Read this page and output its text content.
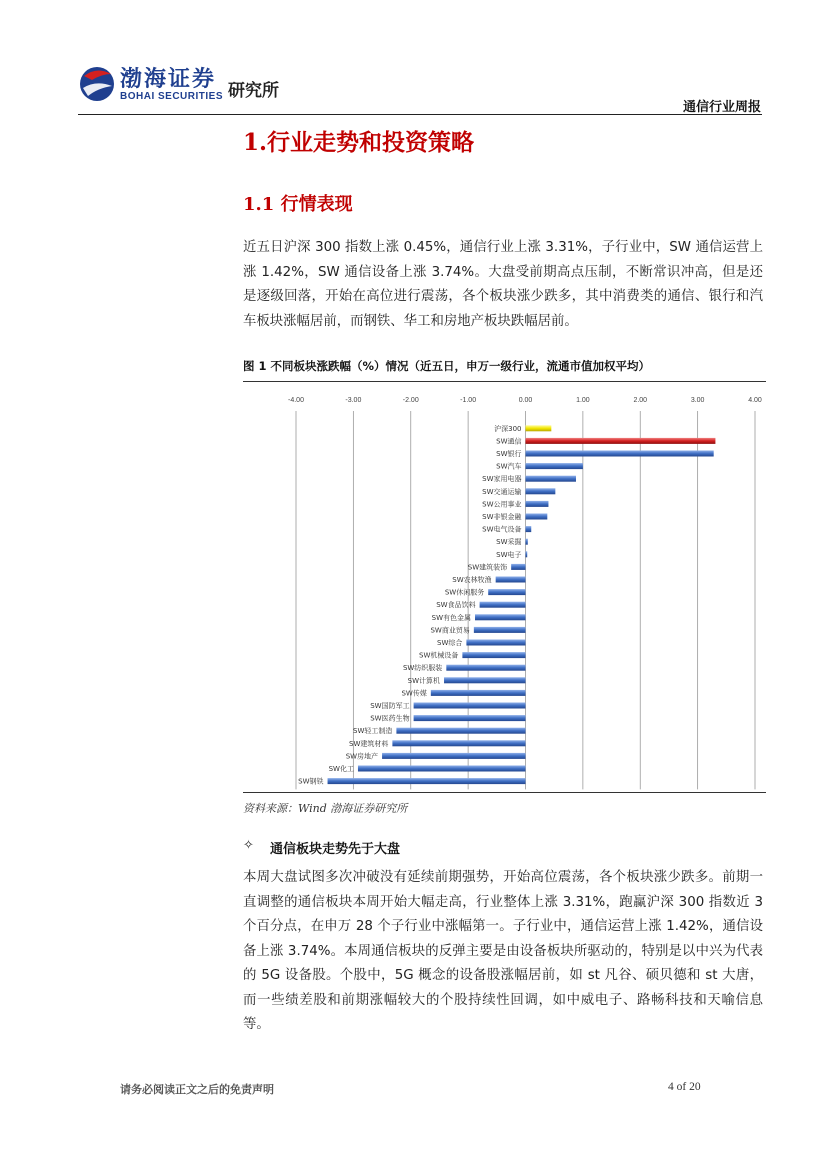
渤海证券
BOHAI SECURITIES 研究所
通信行业周报
1.行业走势和投资策略
1.1 行情表现
近五日沪深 300 指数上涨 0.45%，通信行业上涨 3.31%，子行业中，SW 通信运营上涨 1.42%，SW 通信设备上涨 3.74%。大盘受前期高点压制，不断常识冲高，但是还是逐级回落，开始在高位进行震荡，各个板块涨少跌多，其中消费类的通信、银行和汽车板块涨幅居前，而钢铁、华工和房地产板块跌幅居前。
图 1 不同板块涨跌幅（%）情况（近五日，申万一级行业，流通市值加权平均）
-4.00	-3.00	-2.00	-1.00	0.00	1.00	2.00	3.00	4.00
沪深300
SW通信
SW银行
SW汽车
SW家用电器
SW交通运输
SW公用事业
SW非银金融
SW电气设备
SW采掘
SW电子
SW建筑装饰
SW农林牧渔
SW休闲服务
SW食品饮料
SW有色金属
SW商业贸易
SW综合
SW机械设备
SW纺织服装
SW计算机
SW传媒
SW国防军工
SW医药生物
SW轻工制造
SW建筑材料
SW房地产
SW化工
SW钢铁
资料来源：Wind 渤海证券研究所
✧ 通信板块走势先于大盘
本周大盘试图多次冲破没有延续前期强势，开始高位震荡，各个板块涨少跌多。前期一直调整的通信板块本周开始大幅走高，行业整体上涨 3.31%，跑赢沪深 300 指数近 3 个百分点，在申万 28 个子行业中涨幅第一。子行业中，通信运营上涨 1.42%，通信设备上涨 3.74%。本周通信板块的反弹主要是由设备板块所驱动的，特别是以中兴为代表的 5G 设备股。个股中，5G 概念的设备股涨幅居前，如 st 凡谷、硕贝德和 st 大唐，而一些绩差股和前期涨幅较大的个股持续性回调，如中威电子、路畅科技和天喻信息等。
请务必阅读正文之后的免责声明	4 of 20
